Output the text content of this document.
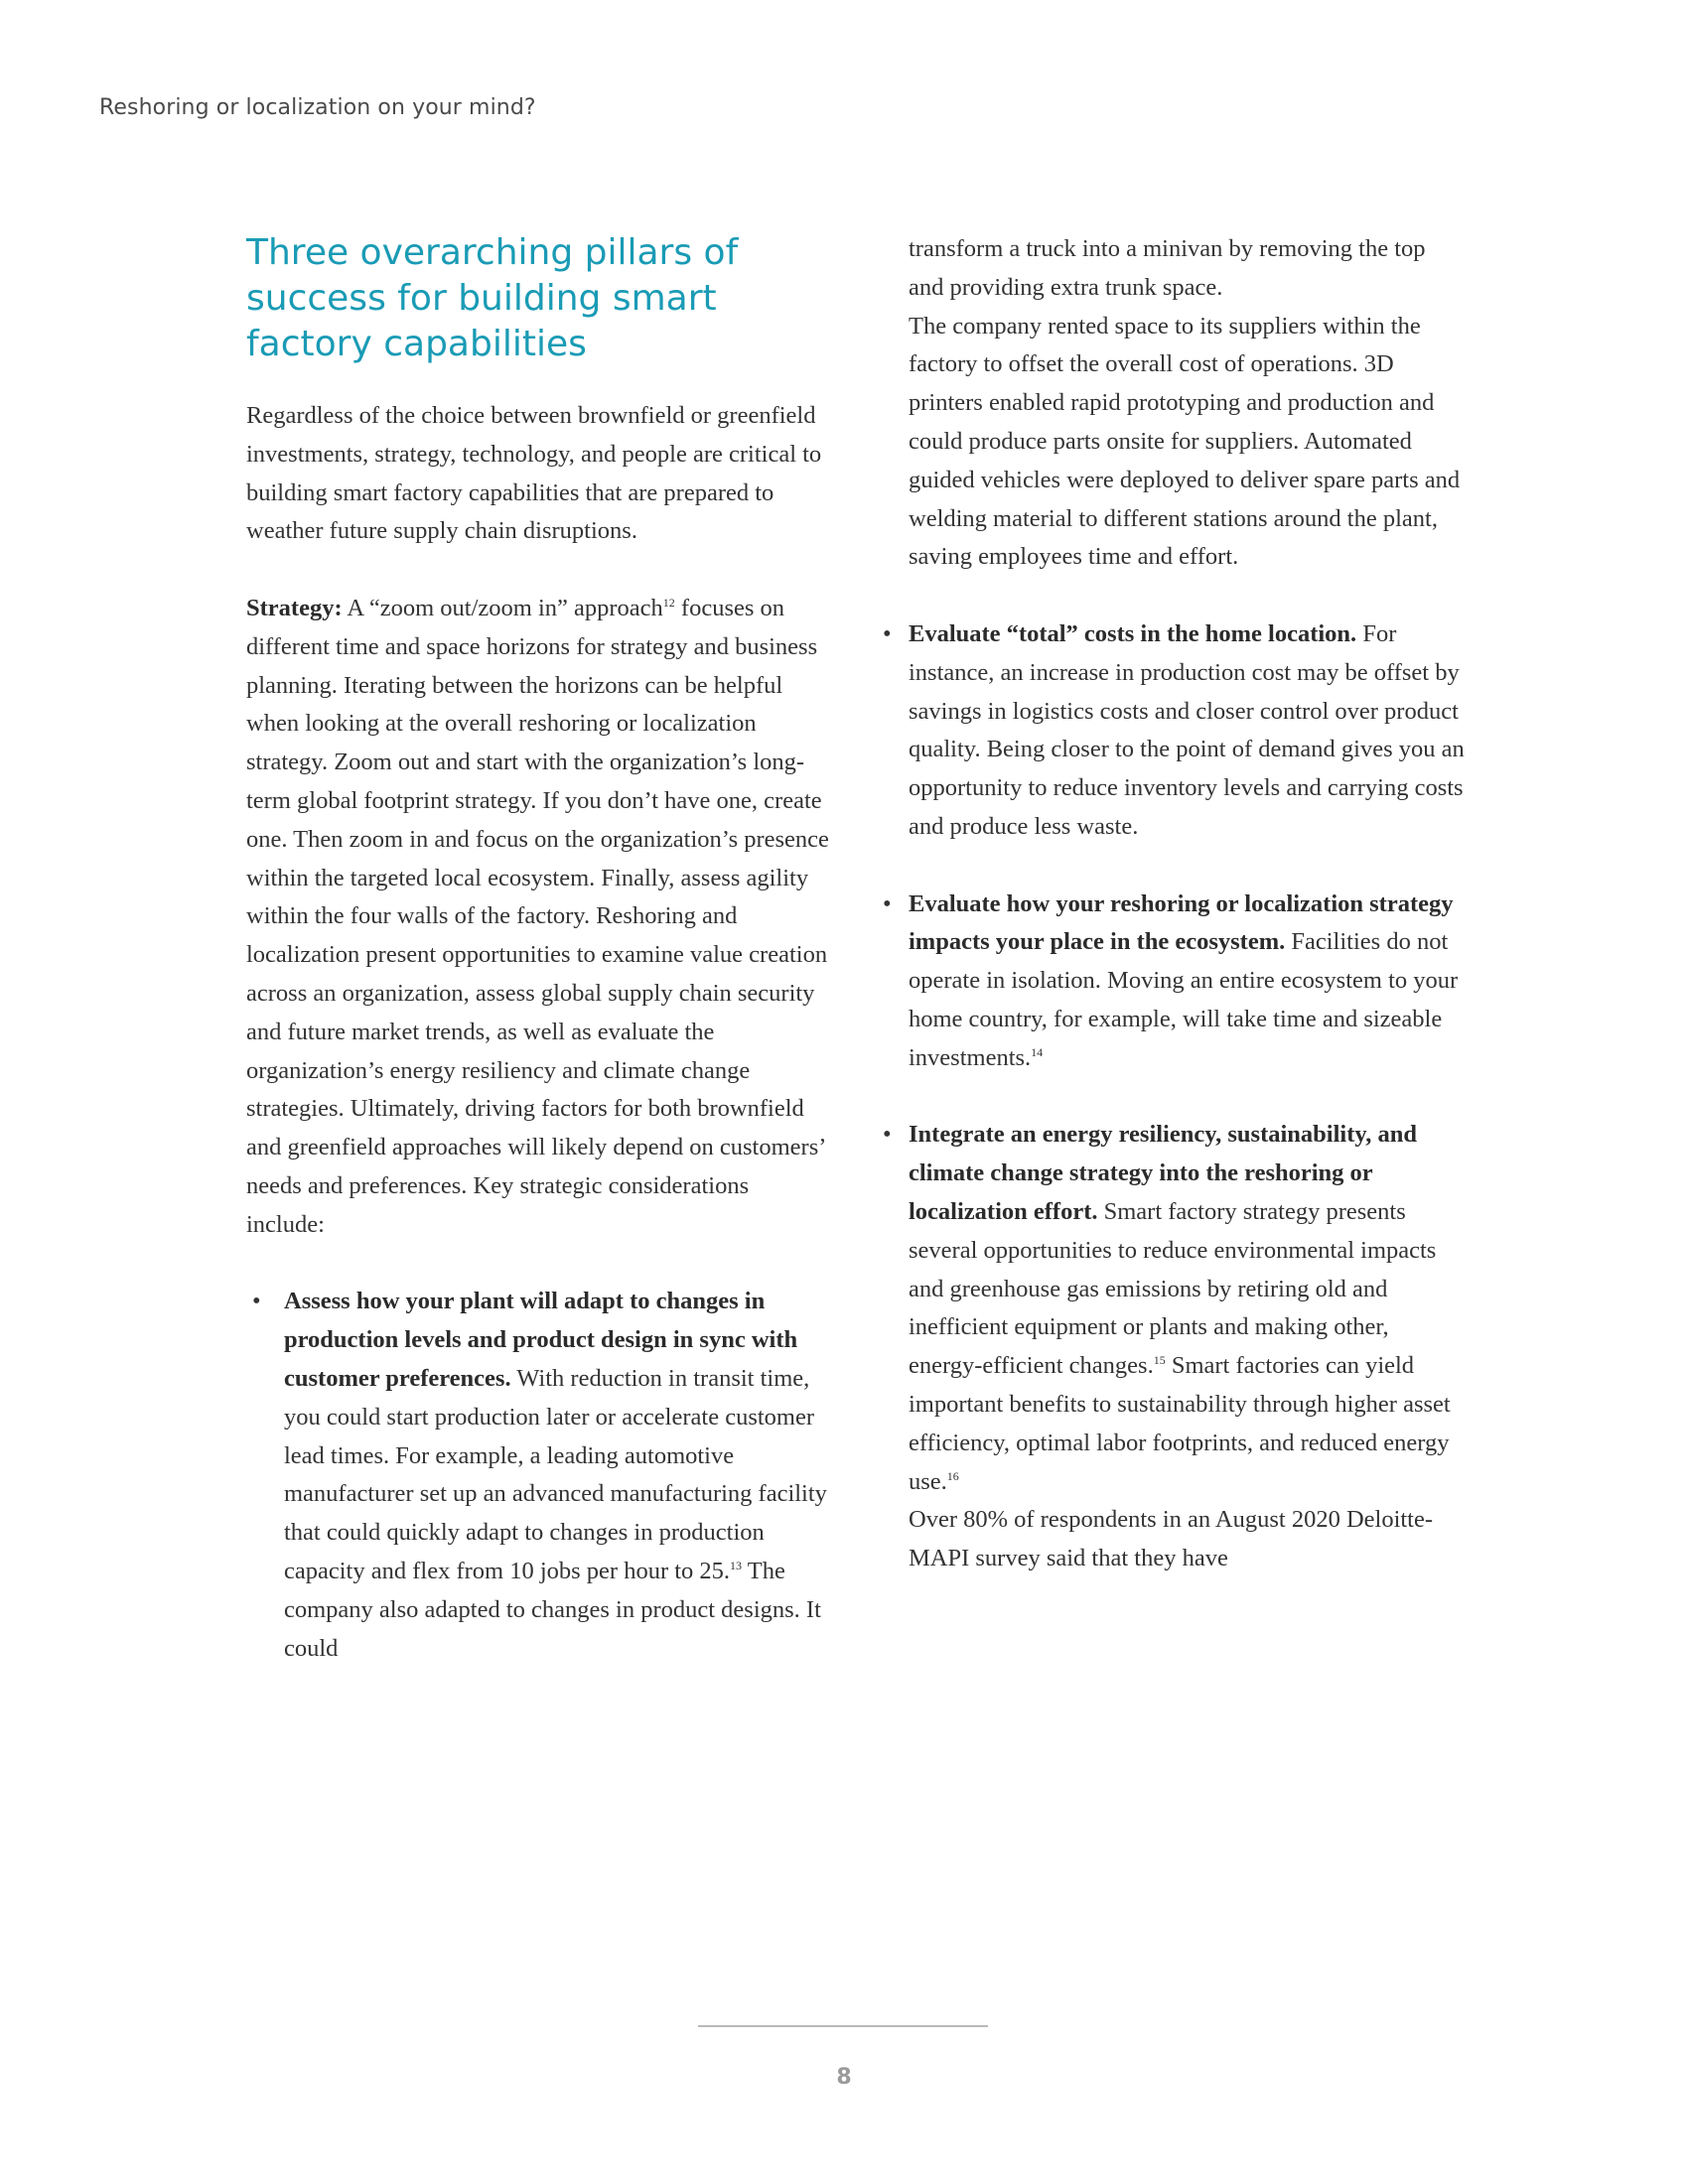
Reshoring or localization on your mind?
Three overarching pillars of
success for building smart
factory capabilities

Regardless of the choice between brownfield or greenfield investments, strategy, technology, and people are critical to building smart factory capabilities that are prepared to weather future supply chain disruptions.

Strategy: A “zoom out/zoom in” approach$^{12}$ focuses on different time and space horizons for strategy and business planning. Iterating between the horizons can be helpful when looking at the overall reshoring or localization strategy. Zoom out and start with the organization’s long-term global footprint strategy. If you don’t have one, create one. Then zoom in and focus on the organization’s presence within the targeted local ecosystem. Finally, assess agility within the four walls of the factory. Reshoring and localization present opportunities to examine value creation across an organization, assess global supply chain security and future market trends, as well as evaluate the organization’s energy resiliency and climate change strategies. Ultimately, driving factors for both brownfield and greenfield approaches will likely depend on customers’ needs and preferences. Key strategic considerations include:

• Assess how your plant will adapt to changes in production levels and product design in sync with customer preferences. With reduction in transit time, you could start production later or accelerate customer lead times. For example, a leading automotive manufacturer set up an advanced manufacturing facility that could quickly adapt to changes in production capacity and flex from 10 jobs per hour to 25.13 The company also adapted to changes in product designs. It could

transform a truck into a minivan by removing the top and providing extra trunk space.

The company rented space to its suppliers within the factory to offset the overall cost of operations. 3D printers enabled rapid prototyping and production and could produce parts onsite for suppliers. Automated guided vehicles were deployed to deliver spare parts and welding material to different stations around the plant, saving employees time and effort.

• Evaluate “total” costs in the home location. For instance, an increase in production cost may be offset by savings in logistics costs and closer control over product quality. Being closer to the point of demand gives you an opportunity to reduce inventory levels and carrying costs and produce less waste.
• Evaluate how your reshoring or localization strategy impacts your place in the ecosystem. Facilities do not operate in isolation. Moving an entire ecosystem to your home country, for example, will take time and sizeable investments.$^{14}$
• Integrate an energy resiliency, sustainability, and climate change strategy into the reshoring or localization effort. Smart factory strategy presents several opportunities to reduce environmental impacts and greenhouse gas emissions by retiring old and inefficient equipment or plants and making other, energy-efficient changes.$^{15}$ Smart factories can yield important benefits to sustainability through higher asset efficiency, optimal labor footprints, and reduced energy use.$^{16}$
Over 80% of respondents in an August 2020 Deloitte-MAPI survey said that they have
8
